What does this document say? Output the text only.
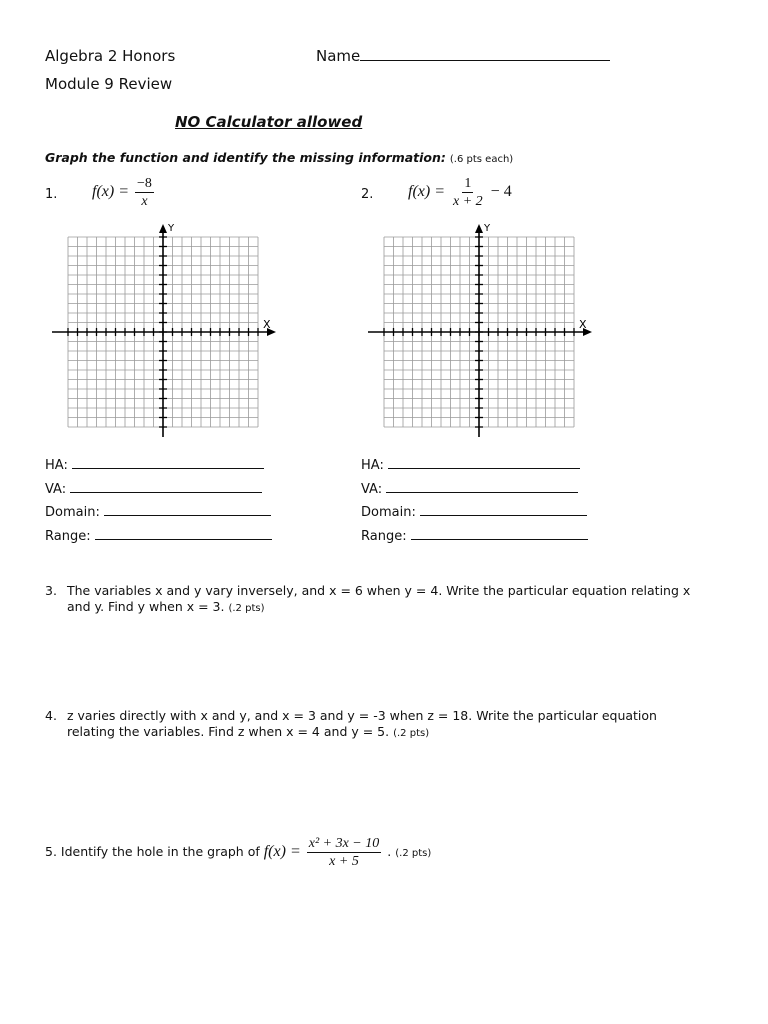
Algebra 2 Honors	Name
Module 9 Review
NO Calculator allowed
Graph the function and identify the missing information: (.6 pts each)
1. $f(x) = \frac{-8}{x}$	2. $f(x) = \frac{1}{x + 2} - 4$
Y
X
Y
X
HA:
VA:
Domain:
Range:
HA:
VA:
Domain:
Range:
3. The variables x and y vary inversely, and x = 6 when y = 4. Write the particular equation relating x
and y. Find y when x = 3. (.2 pts)
4. z varies directly with x and y, and x = 3 and y = -3 when z = 18. Write the particular equation
relating the variables. Find z when x = 4 and y = 5. (.2 pts)
5. Identify the hole in the graph of $f(x) = \frac{\text{x² + 3x − 10}}{x + 5}$ . (.2 pts)
